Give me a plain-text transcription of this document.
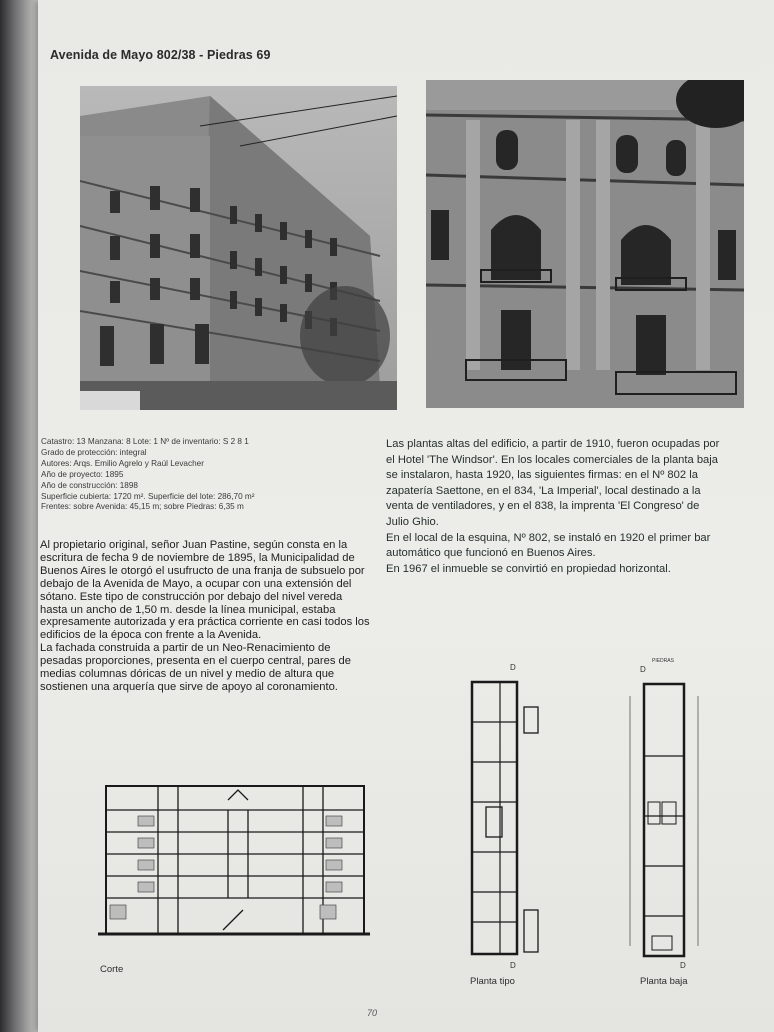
Avenida de Mayo 802/38 - Piedras 69
Catastro: 13 Manzana: 8 Lote: 1 Nº de inventario: S 2 8 1
Grado de protección: integral
Autores: Arqs. Emilio Agrelo y Raúl Levacher
Año de proyecto: 1895
Año de construcción: 1898
Superficie cubierta: 1720 m². Superficie del lote: 286,70 m²
Frentes: sobre Avenida: 45,15 m; sobre Piedras: 6,35 m

Al propietario original, señor Juan Pastine, según consta en la escritura de fecha 9 de noviembre de 1895, la Municipalidad de Buenos Aires le otorgó el usufructo de una franja de subsuelo por debajo de la Avenida de Mayo, a ocupar con una extensión del sótano. Este tipo de construcción por debajo del nivel vereda hasta un ancho de 1,50 m. desde la línea municipal, estaba expresamente autorizada y era práctica corriente en casi todos los edificios de la época con frente a la Avenida.

La fachada construida a partir de un Neo-Renacimiento de pesadas proporciones, presenta en el cuerpo central, pares de medias columnas dóricas de un nivel y medio de altura que sostienen una arquería que sirve de apoyo al coronamiento.

Las plantas altas del edificio, a partir de 1910, fueron ocupadas por el Hotel 'The Windsor'. En los locales comerciales de la planta baja se instalaron, hasta 1920, las siguientes firmas: en el Nº 802 la zapatería Saettone, en el 834, 'La Imperial', local destinado a la venta de ventiladores, y en el 838, la imprenta 'El Congreso' de Julio Ghio.

En el local de la esquina, Nº 802, se instaló en 1920 el primer bar automático que funcionó en Buenos Aires.

En 1967 el inmueble se convirtió en propiedad horizontal.

Corte
D
D
Planta tipo
PIEDRAS
D
D
Planta baja
70
